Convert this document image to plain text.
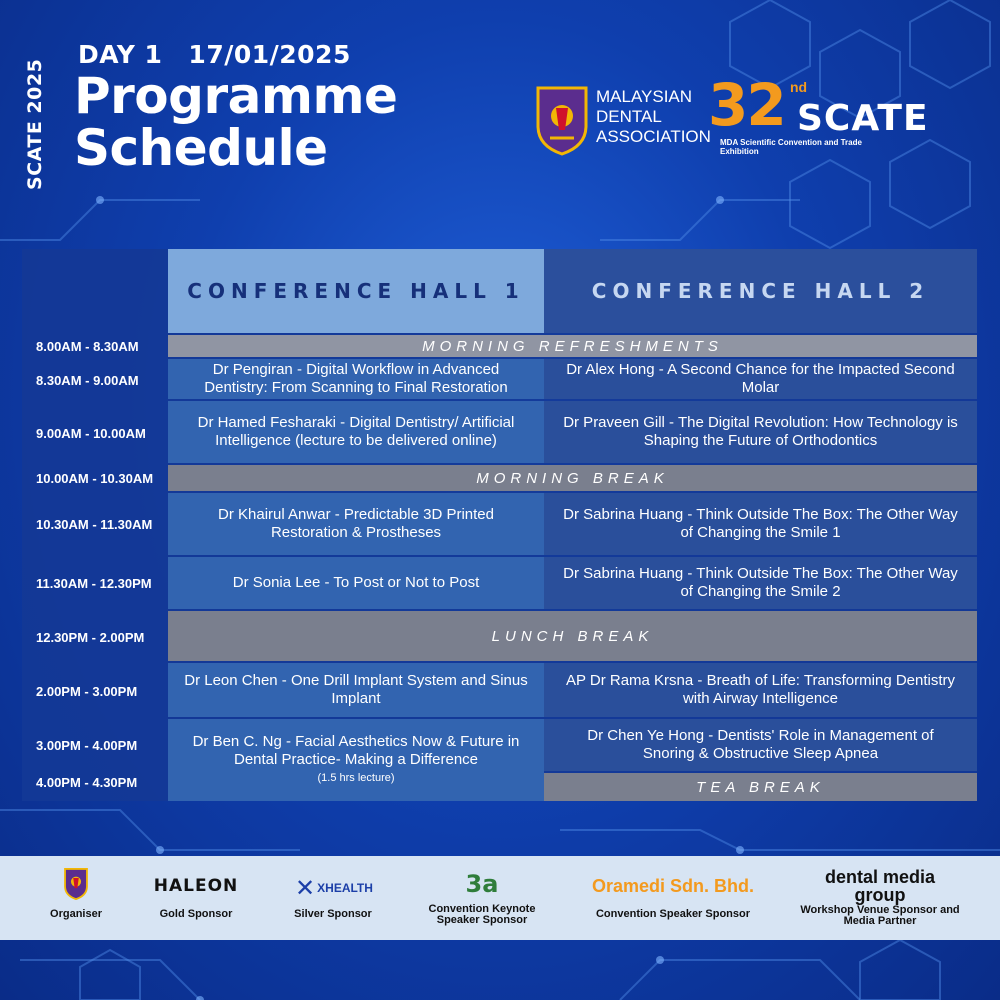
SCATE 2025
DAY 1 17/01/2025
Programme
Schedule
MALAYSIAN
DENTAL
ASSOCIATION
32 nd
SCATE
MDA Scientific Convention and Trade Exhibition
CONFERENCE HALL 1	CONFERENCE HALL 2
8.00AM - 8.30AM
8.30AM - 9.00AM
9.00AM - 10.00AM
10.00AM - 10.30AM
10.30AM - 11.30AM
11.30AM - 12.30PM
12.30PM - 2.00PM
2.00PM - 3.00PM
3.00PM - 4.00PM
4.00PM - 4.30PM
MORNING REFRESHMENTS
Dr Pengiran - Digital Workflow in Advanced Dentistry: From Scanning to Final Restoration
Dr Alex Hong - A Second Chance for the Impacted Second Molar
Dr Hamed Fesharaki - Digital Dentistry/ Artificial Intelligence (lecture to be delivered online)
Dr Praveen Gill - The Digital Revolution: How Technology is Shaping the Future of Orthodontics
MORNING BREAK
Dr Khairul Anwar - Predictable 3D Printed Restoration & Prostheses
Dr Sabrina Huang - Think Outside The Box: The Other Way of Changing the Smile 1
Dr Sonia Lee - To Post or Not to Post
Dr Sabrina Huang - Think Outside The Box: The Other Way of Changing the Smile 2
LUNCH BREAK
Dr Leon Chen - One Drill Implant System and Sinus Implant
AP Dr Rama Krsna - Breath of Life: Transforming Dentistry with Airway Intelligence
Dr Ben C. Ng - Facial Aesthetics Now & Future in Dental Practice- Making a Difference
(1.5 hrs lecture)
Dr Chen Ye Hong - Dentists' Role in Management of Snoring & Obstructive Sleep Apnea
TEA BREAK
Organiser
HALEON
Gold Sponsor
✕ XHEALTH
Silver Sponsor
3a
Convention Keynote Speaker Sponsor
Oramedi Sdn. Bhd.
Convention Speaker Sponsor
dental media group
Workshop Venue Sponsor and Media Partner
